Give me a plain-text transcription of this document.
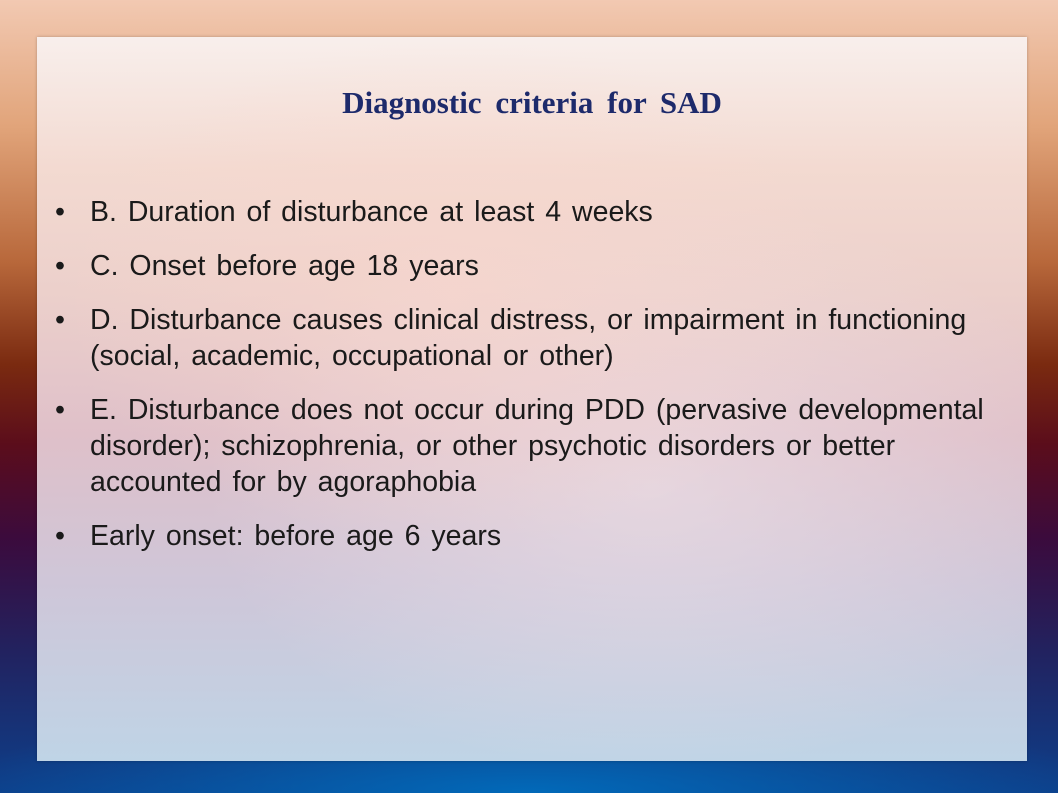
Diagnostic criteria for SAD
• B. Duration of disturbance at least 4 weeks
• C. Onset before age 18 years
• D. Disturbance causes clinical distress, or impairment in functioning (social, academic, occupational or other)
• E. Disturbance does not occur during PDD (pervasive developmental disorder); schizophrenia, or other psychotic disorders or better accounted for by agoraphobia
• Early onset: before age 6 years
